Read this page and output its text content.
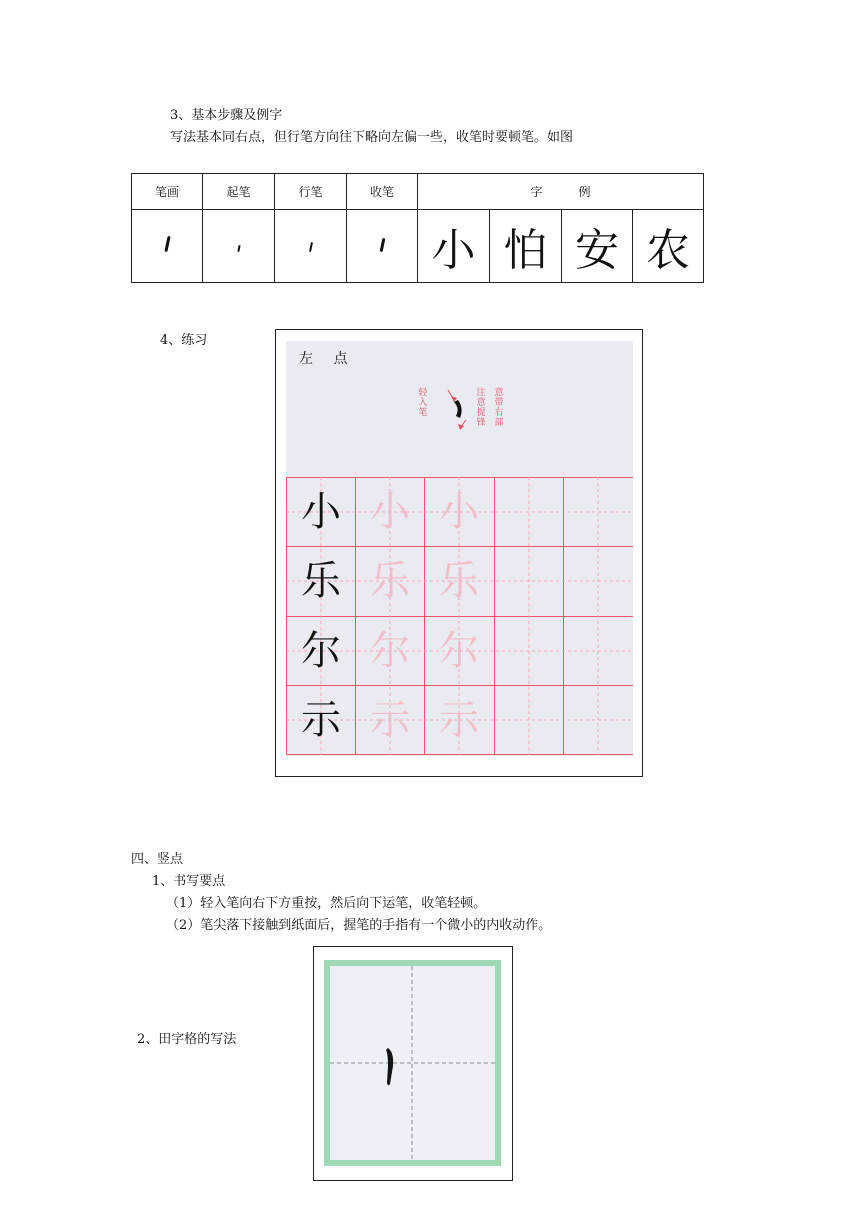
3、基本步骤及例字
写法基本同右点，但行笔方向往下略向左偏一些，收笔时要顿笔。如图
笔画	起笔	行笔	收笔	字　　　例			
				小	怕	安	农
4、练习
左 点
轻入笔
注意提锋
意带右部
小 小 小
乐 乐 乐
尔 尔 尔
示 示 示
四、竖点
1、书写要点
（1）轻入笔向右下方重按，然后向下运笔，收笔轻顿。
（2）笔尖落下接触到纸面后，握笔的手指有一个微小的内收动作。
2、田字格的写法
